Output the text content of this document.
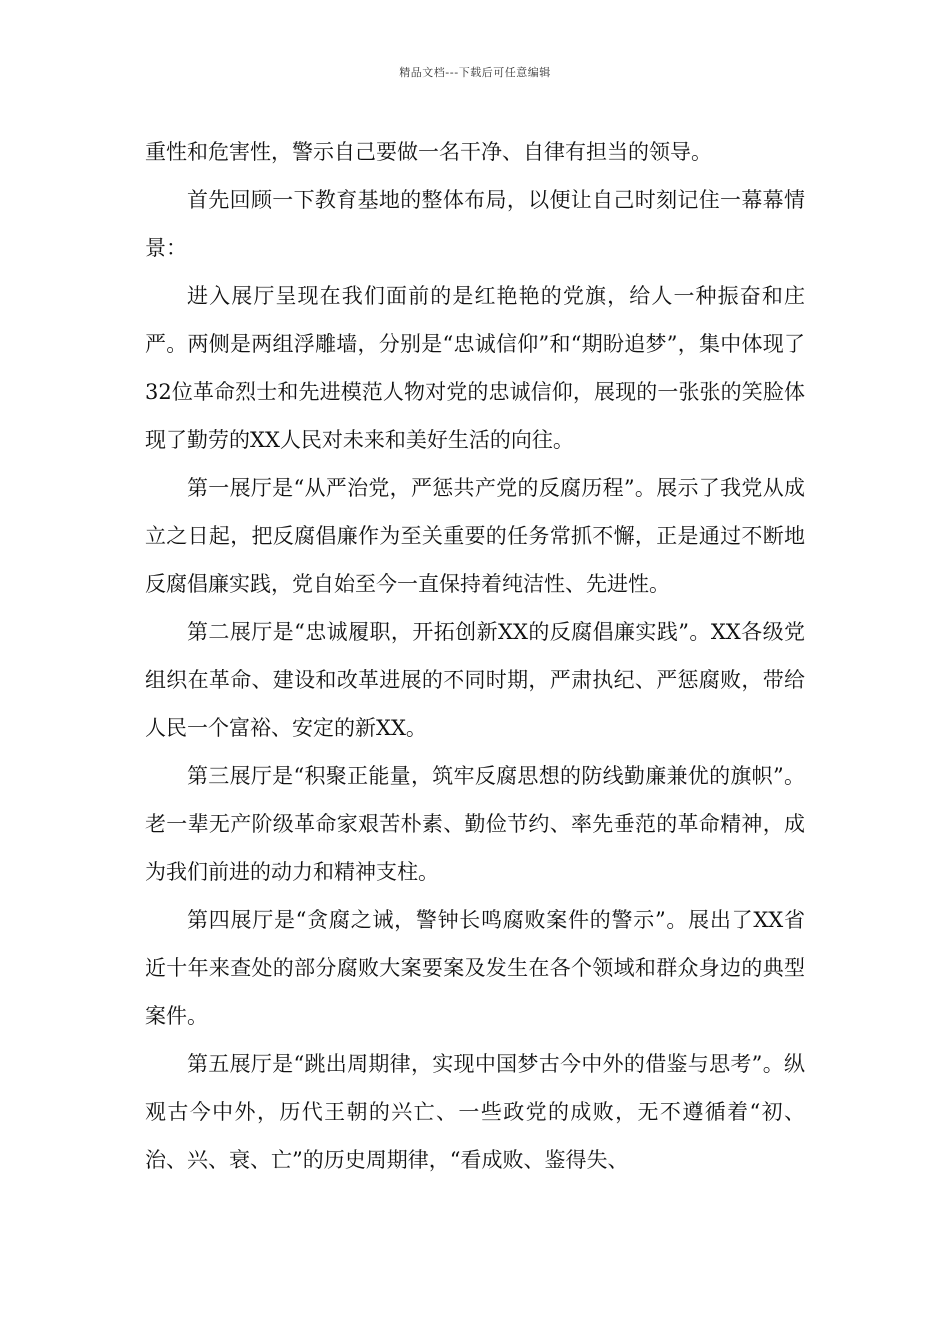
精品文档---下载后可任意编辑

重性和危害性，警示自己要做一名干净、自律有担当的领导。

首先回顾一下教育基地的整体布局，以便让自己时刻记住一幕幕情景：

进入展厅呈现在我们面前的是红艳艳的党旗，给人一种振奋和庄严。两侧是两组浮雕墙，分别是“忠诚信仰”和“期盼追梦”，集中体现了32位革命烈士和先进模范人物对党的忠诚信仰，展现的一张张的笑脸体现了勤劳的XX人民对未来和美好生活的向往。

第一展厅是“从严治党，严惩共产党的反腐历程”。展示了我党从成立之日起，把反腐倡廉作为至关重要的任务常抓不懈，正是通过不断地反腐倡廉实践，党自始至今一直保持着纯洁性、先进性。

第二展厅是“忠诚履职，开拓创新XX的反腐倡廉实践”。XX各级党组织在革命、建设和改革进展的不同时期，严肃执纪、严惩腐败，带给人民一个富裕、安定的新XX。

第三展厅是“积聚正能量，筑牢反腐思想的防线勤廉兼优的旗帜”。老一辈无产阶级革命家艰苦朴素、勤俭节约、率先垂范的革命精神，成为我们前进的动力和精神支柱。

第四展厅是“贪腐之诫，警钟长鸣腐败案件的警示”。展出了XX省近十年来查处的部分腐败大案要案及发生在各个领域和群众身边的典型案件。

第五展厅是“跳出周期律，实现中国梦古今中外的借鉴与思考”。纵观古今中外，历代王朝的兴亡、一些政党的成败，无不遵循着“初、治、兴、衰、亡”的历史周期律，“看成败、鉴得失、
